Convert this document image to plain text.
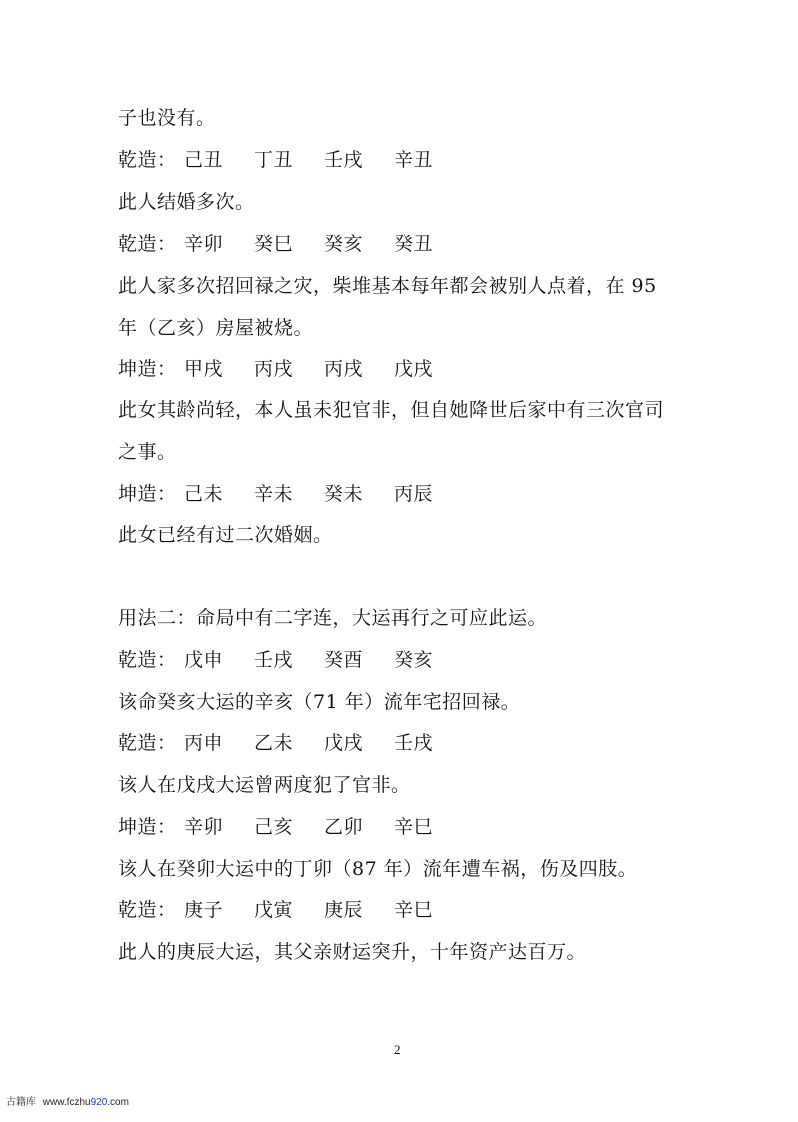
子也没有。
乾造： 己丑	丁丑	壬戌	辛丑
此人结婚多次。
乾造： 辛卯	癸巳	癸亥	癸丑
此人家多次招回禄之灾，柴堆基本每年都会被别人点着，在 95
年（乙亥）房屋被烧。
坤造： 甲戌	丙戌	丙戌	戊戌
此女其龄尚轻，本人虽未犯官非，但自她降世后家中有三次官司
之事。
坤造： 己未	辛未	癸未	丙辰
此女已经有过二次婚姻。
用法二：命局中有二字连，大运再行之可应此运。
乾造： 戊申	壬戌	癸酉	癸亥
该命癸亥大运的辛亥（71 年）流年宅招回禄。
乾造： 丙申	乙未	戊戌	壬戌
该人在戊戌大运曾两度犯了官非。
坤造： 辛卯	己亥	乙卯	辛巳
该人在癸卯大运中的丁卯（87 年）流年遭车祸，伤及四肢。
乾造： 庚子	戊寅	庚辰	辛巳
此人的庚辰大运，其父亲财运突升，十年资产达百万。
2
古籍库 www.fczhu920.com
